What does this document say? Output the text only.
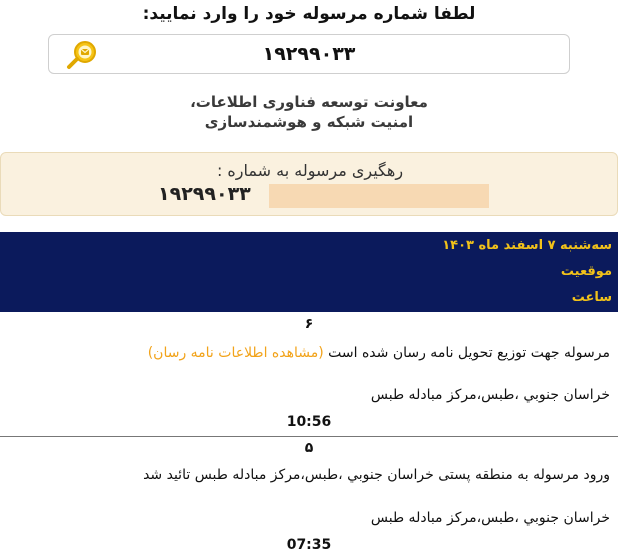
لطفا شماره مرسوله خود را وارد نمایید:
۱۹۲۹۹۰۳۳
معاونت توسعه فناوری اطلاعات،
امنیت شبکه و هوشمندسازی
رهگیری مرسوله به شماره :
۱۹۲۹۹۰۳۳
سه‌شنبه ۷ اسفند ماه ۱۴۰۳
موقعیت
ساعت
۶
مرسوله جهت توزیع تحویل نامه رسان شده است (مشاهده اطلاعات نامه رسان)
خراسان جنوبي ،طبس،مرکز مبادله طبس
10:56
۵
ورود مرسوله به منطقه پستی خراسان جنوبي ،طبس،مرکز مبادله طبس تائید شد
خراسان جنوبي ،طبس،مرکز مبادله طبس
07:35
